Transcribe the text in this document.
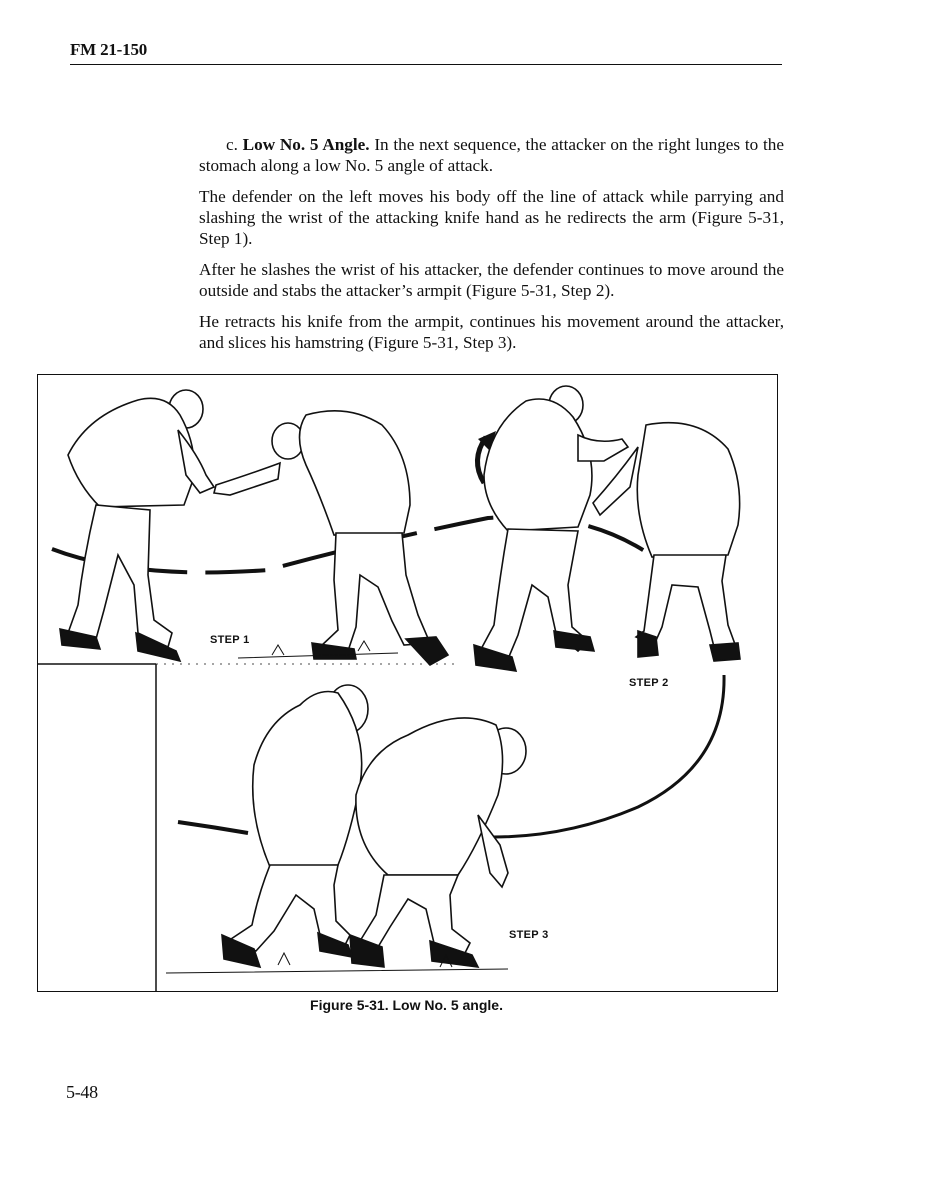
FM 21-150

c. Low No. 5 Angle. In the next sequence, the attacker on the right lunges to the stomach along a low No. 5 angle of attack.

The defender on the left moves his body off the line of attack while parrying and slashing the wrist of the attacking knife hand as he redirects the arm (Figure 5-31, Step 1).

After he slashes the wrist of his attacker, the defender continues to move around the outside and stabs the attacker’s armpit (Figure 5-31, Step 2).

He retracts his knife from the armpit, continues his movement around the attacker, and slices his hamstring (Figure 5-31, Step 3).

STEP 1
STEP 2
STEP 3
Figure 5-31. Low No. 5 angle.
5-48
